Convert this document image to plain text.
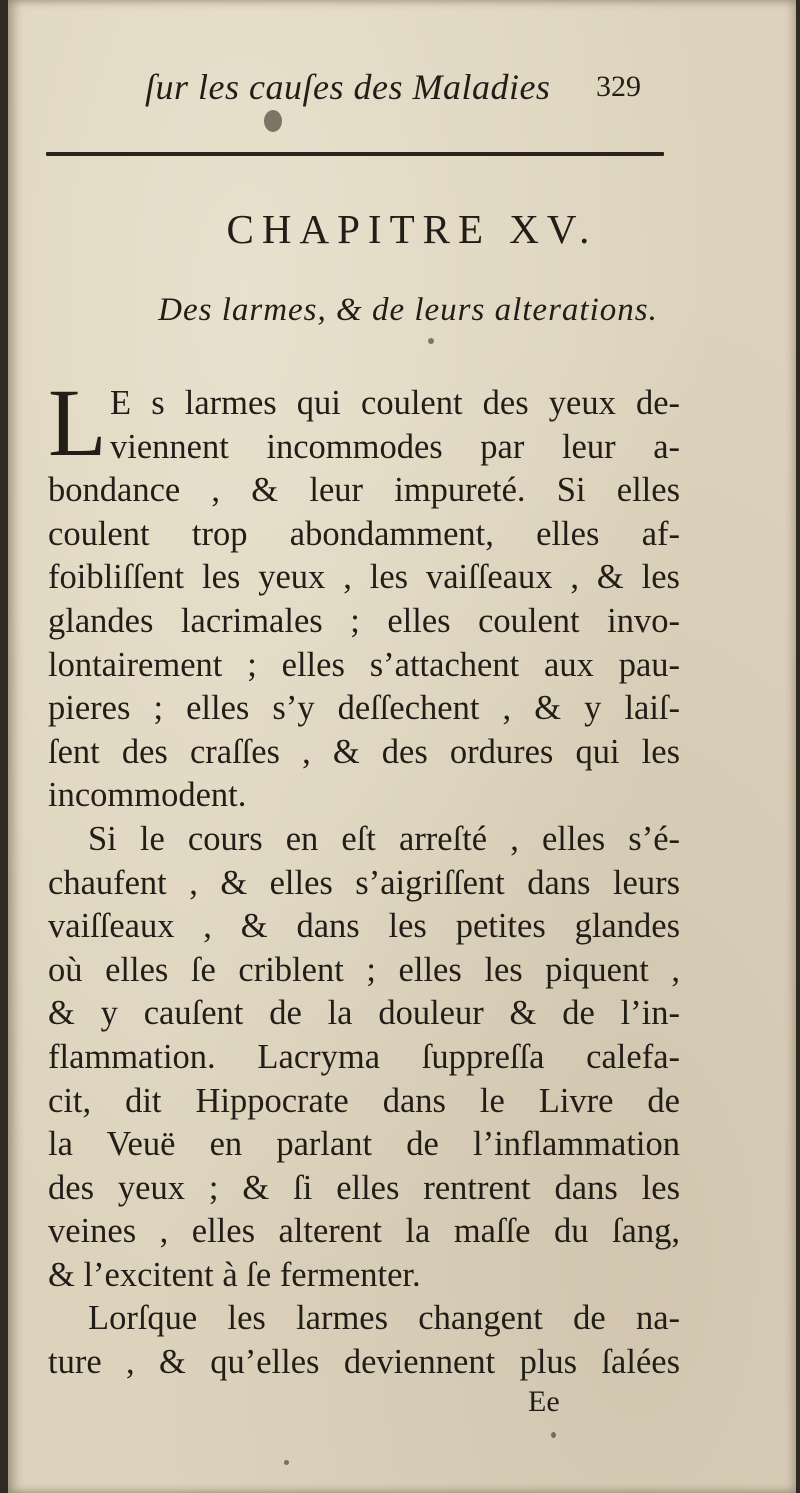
ſur les cauſes des Maladies 329
CHAPITRE XV.
Des larmes, & de leurs alterations.
L E s larmes qui coulent des yeux de-
viennent incommodes par leur a-
bondance , & leur impureté. Si elles
coulent trop abondamment, elles af-
foibliſſent les yeux , les vaiſſeaux , & les
glandes lacrimales ; elles coulent invo-
lontairement ; elles s’attachent aux pau-
pieres ; elles s’y deſſechent , & y laiſ-
ſent des craſſes , & des ordures qui les
incommodent.
Si le cours en eſt arreſté , elles s’é-
chaufent , & elles s’aigriſſent dans leurs
vaiſſeaux , & dans les petites glandes
où elles ſe criblent ; elles les piquent ,
& y cauſent de la douleur & de l’in-
flammation. Lacryma ſuppreſſa calefa-
cit, dit Hippocrate dans le Livre de
la Veuë en parlant de l’inflammation
des yeux ; & ſi elles rentrent dans les
veines , elles alterent la maſſe du ſang,
& l’excitent à ſe fermenter.
Lorſque les larmes changent de na-
ture , & qu’elles deviennent plus ſalées
Ee
